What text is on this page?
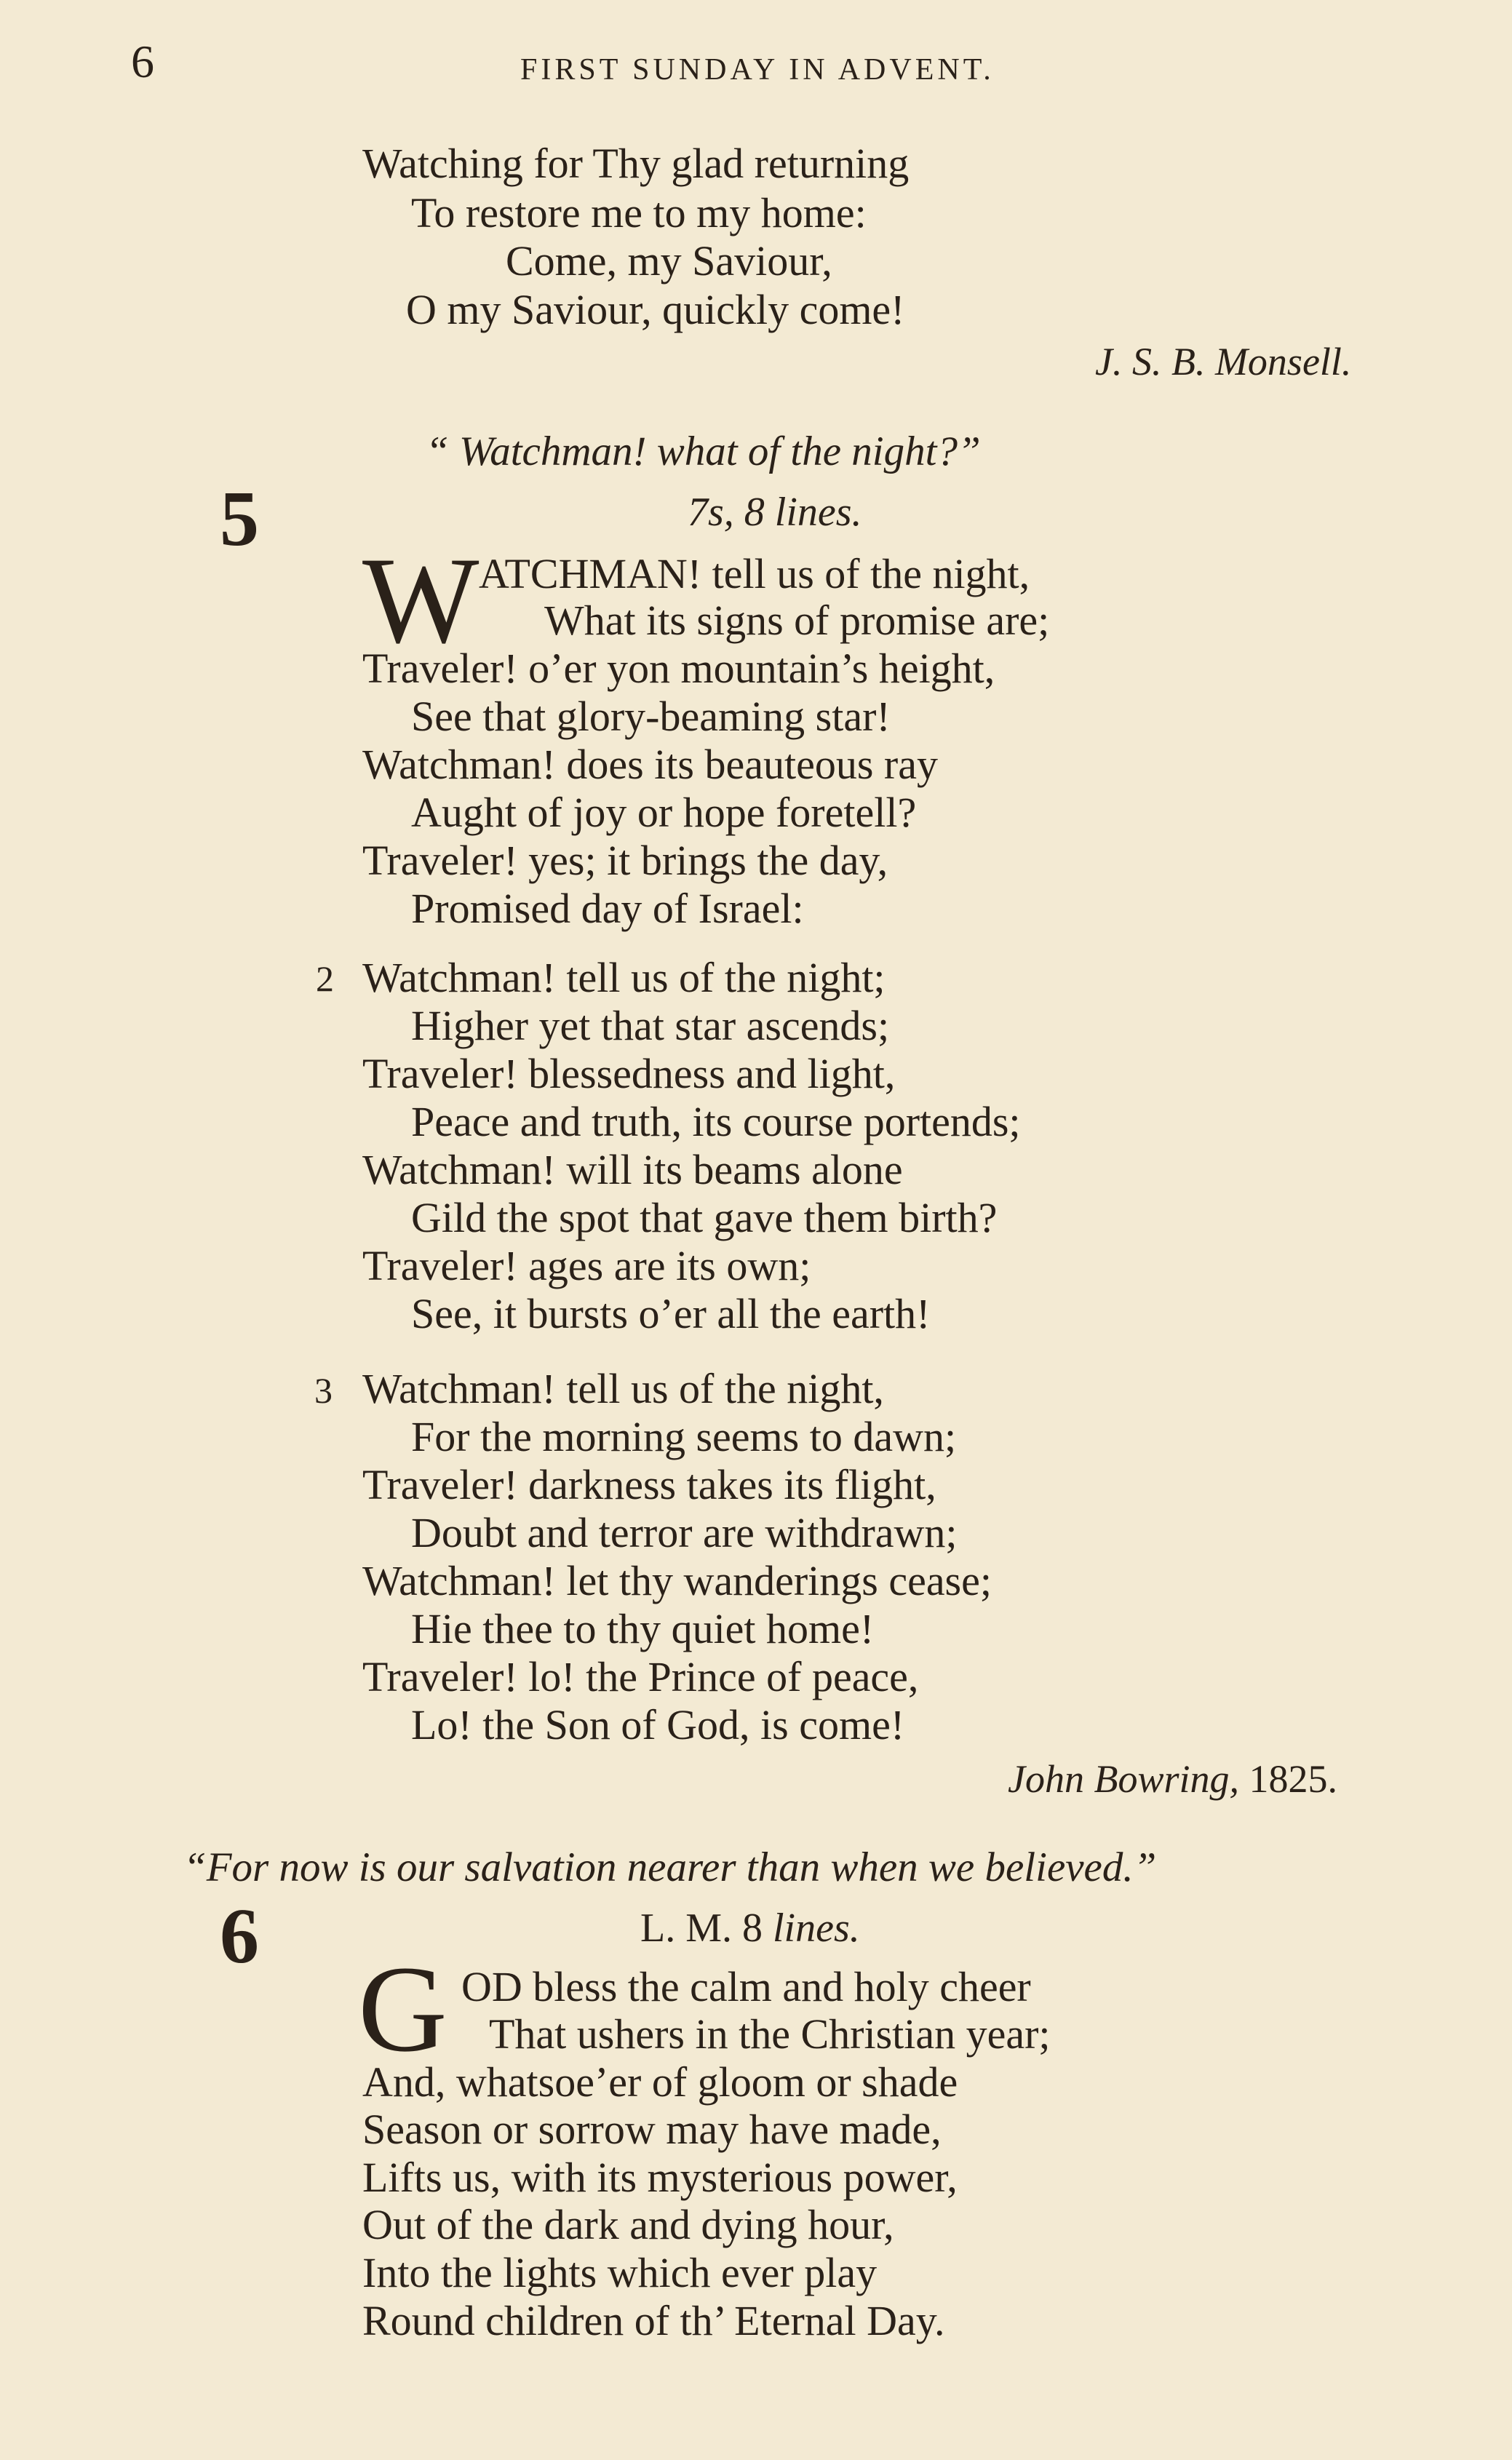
6	FIRST SUNDAY IN ADVENT.
Watching for Thy glad returning
To restore me to my home:
Come, my Saviour,
O my Saviour, quickly come!
J. S. B. Monsell.
“ Watchman! what of the night?”
5	7s, 8 lines.
W ATCHMAN! tell us of the night,
What its signs of promise are;
Traveler! o’er yon mountain’s height,
See that glory-beaming star!
Watchman! does its beauteous ray
Aught of joy or hope foretell?
Traveler! yes; it brings the day,
Promised day of Israel:
2 Watchman! tell us of the night;
Higher yet that star ascends;
Traveler! blessedness and light,
Peace and truth, its course portends;
Watchman! will its beams alone
Gild the spot that gave them birth?
Traveler! ages are its own;
See, it bursts o’er all the earth!
3 Watchman! tell us of the night,
For the morning seems to dawn;
Traveler! darkness takes its flight,
Doubt and terror are withdrawn;
Watchman! let thy wanderings cease;
Hie thee to thy quiet home!
Traveler! lo! the Prince of peace,
Lo! the Son of God, is come!
John Bowring, 1825.
“For now is our salvation nearer than when we believed.”
6	L. M. 8 lines.
G OD bless the calm and holy cheer
That ushers in the Christian year;
And, whatsoe’er of gloom or shade
Season or sorrow may have made,
Lifts us, with its mysterious power,
Out of the dark and dying hour,
Into the lights which ever play
Round children of th’ Eternal Day.
